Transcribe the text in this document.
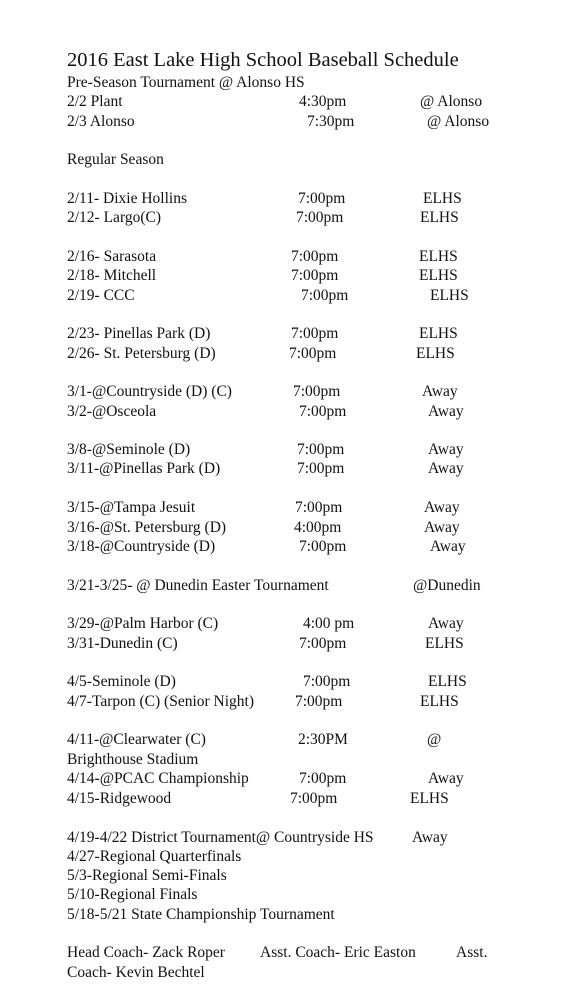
2016 East Lake High School Baseball Schedule
Pre-Season Tournament @ Alonso HS
2/2 Plant	4:30pm	@ Alonso
2/3 Alonso	7:30pm	@ Alonso
Regular Season
2/11- Dixie Hollins	7:00pm	ELHS
2/12- Largo(C)	7:00pm	ELHS
2/16- Sarasota	7:00pm	ELHS
2/18- Mitchell	7:00pm	ELHS
2/19- CCC	7:00pm	ELHS
2/23- Pinellas Park (D)	7:00pm	ELHS
2/26- St. Petersburg (D)	7:00pm	ELHS
3/1-@Countryside (D) (C)	7:00pm	Away
3/2-@Osceola	7:00pm	Away
3/8-@Seminole (D)	7:00pm	Away
3/11-@Pinellas Park (D)	7:00pm	Away
3/15-@Tampa Jesuit	7:00pm	Away
3/16-@St. Petersburg (D)	4:00pm	Away
3/18-@Countryside (D)	7:00pm	Away
3/21-3/25- @ Dunedin Easter Tournament	@Dunedin
3/29-@Palm Harbor (C)	4:00 pm	Away
3/31-Dunedin (C)	7:00pm	ELHS
4/5-Seminole (D)	7:00pm	ELHS
4/7-Tarpon (C) (Senior Night)	7:00pm	ELHS
4/11-@Clearwater (C)	2:30PM	@
Brighthouse Stadium
4/14-@PCAC Championship	7:00pm	Away
4/15-Ridgewood	7:00pm	ELHS
4/19-4/22 District Tournament@ Countryside HS Away
4/27-Regional Quarterfinals
5/3-Regional Semi-Finals
5/10-Regional Finals
5/18-5/21 State Championship Tournament
Head Coach- Zack Roper Asst. Coach- Eric Easton	Asst.
Coach- Kevin Bechtel
